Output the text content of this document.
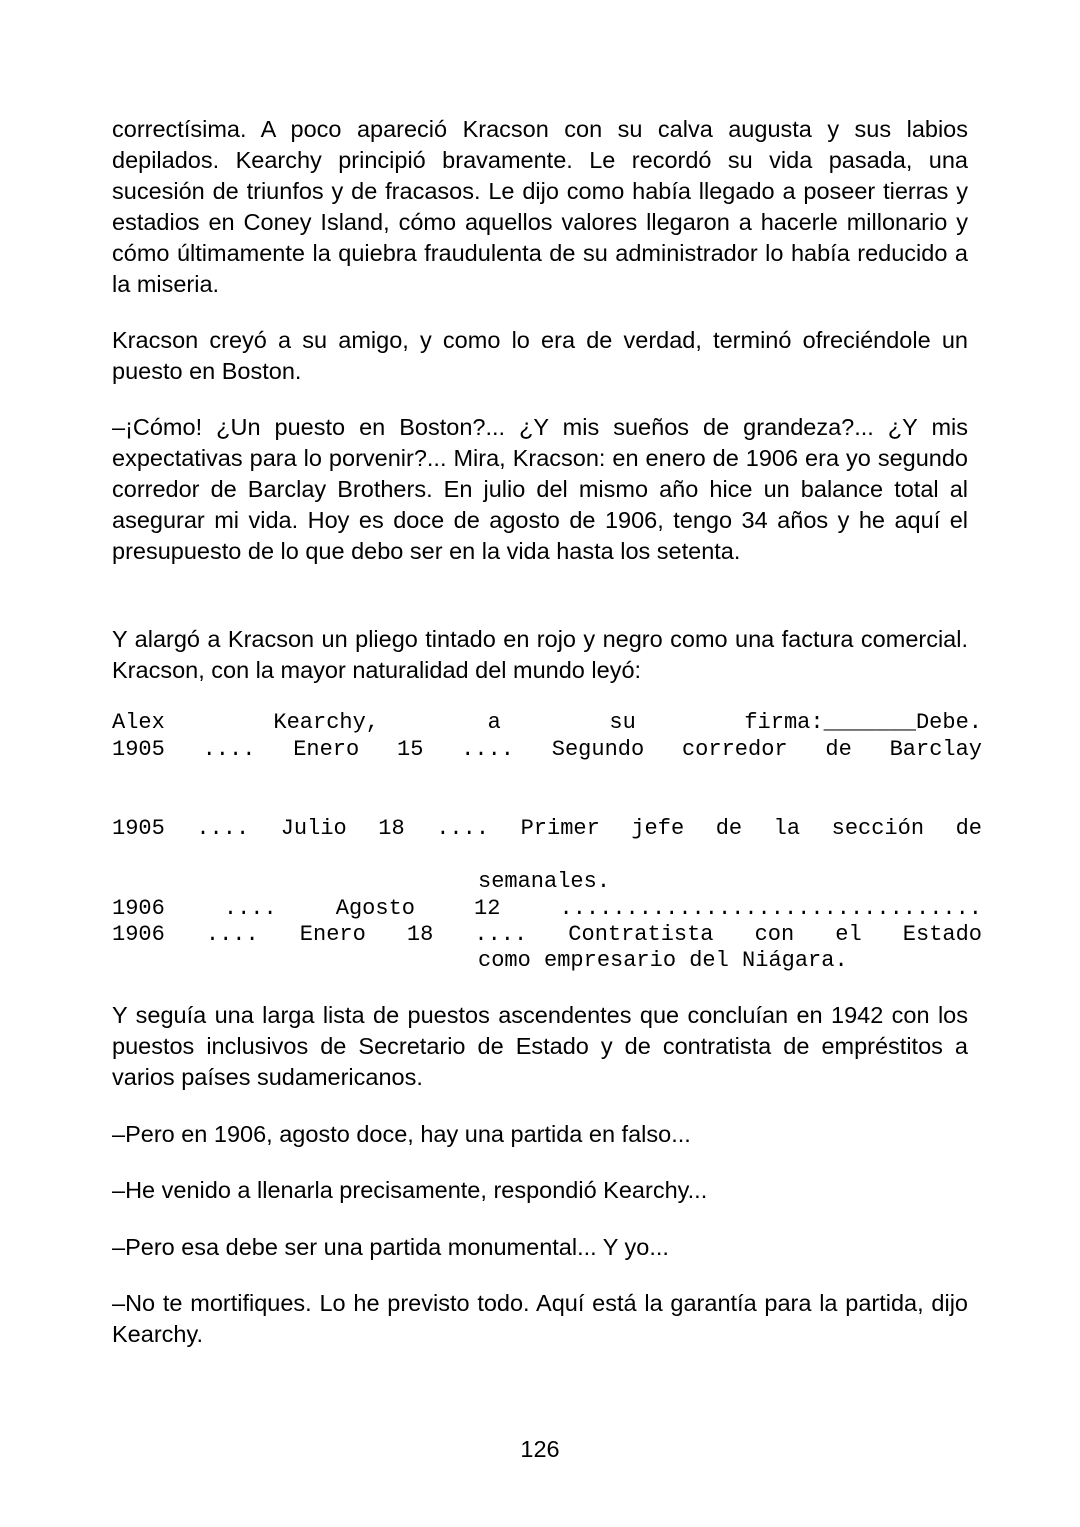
correctísima. A poco apareció Kracson con su calva augusta y sus labios depilados. Kearchy principió bravamente. Le recordó su vida pasada, una sucesión de triunfos y de fracasos. Le dijo como había llegado a poseer tierras y estadios en Coney Island, cómo aquellos valores llegaron a hacerle millonario y cómo últimamente la quiebra fraudulenta de su administrador lo había reducido a la miseria.

Kracson creyó a su amigo, y como lo era de verdad, terminó ofreciéndole un puesto en Boston.

–¡Cómo! ¿Un puesto en Boston?... ¿Y mis sueños de grandeza?... ¿Y mis expectativas para lo porvenir?... Mira, Kracson: en enero de 1906 era yo segundo corredor de Barclay Brothers. En julio del mismo año hice un balance total al asegurar mi vida. Hoy es doce de agosto de 1906, tengo 34 años y he aquí el presupuesto de lo que debo ser en la vida hasta los setenta.

Y alargó a Kracson un pliego tintado en rojo y negro como una factura comercial. Kracson, con la mayor naturalidad del mundo leyó:

Alex Kearchy, a su firma:_______Debe.
1905 .... Enero 15 .... Segundo corredor de Barclay
1905 .... Julio 18 .... Primer jefe de la sección de
semanales.
1906 .... Agosto 12 ................................
1906 .... Enero 18 .... Contratista con el Estado
como empresario del Niágara.

Y seguía una larga lista de puestos ascendentes que concluían en 1942 con los puestos inclusivos de Secretario de Estado y de contratista de empréstitos a varios países sudamericanos.

–Pero en 1906, agosto doce, hay una partida en falso...

–He venido a llenarla precisamente, respondió Kearchy...

–Pero esa debe ser una partida monumental... Y yo...

–No te mortifiques. Lo he previsto todo. Aquí está la garantía para la partida, dijo Kearchy.

126
